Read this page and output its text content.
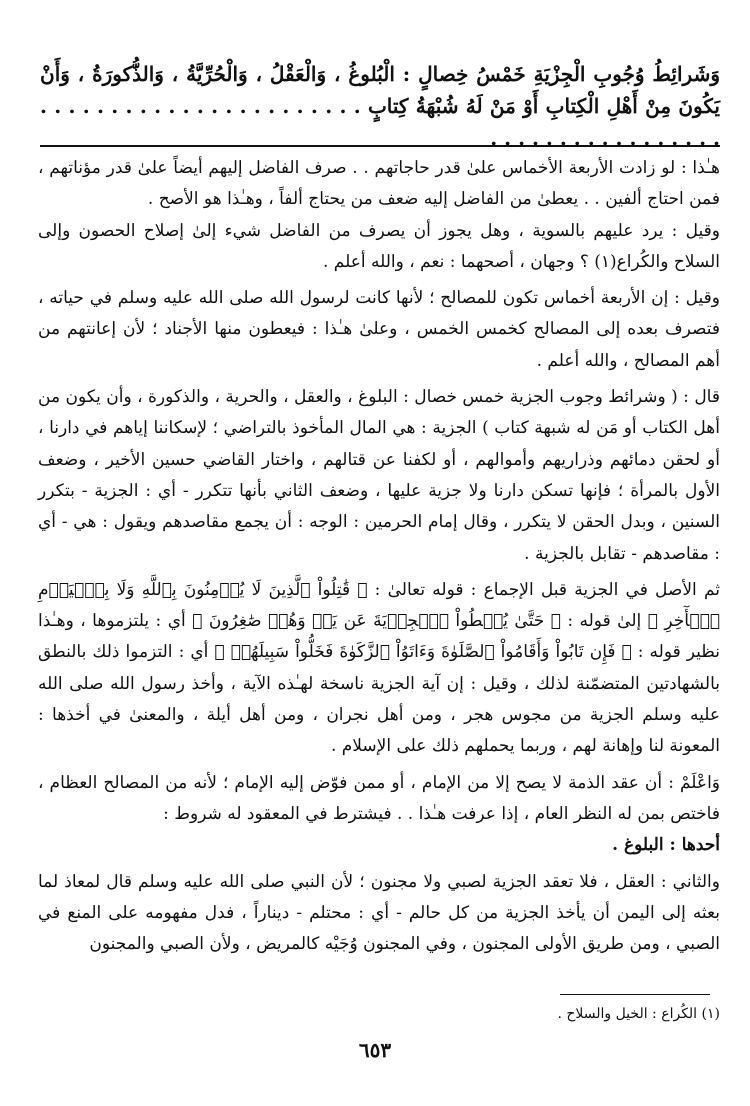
وَشَرائِطُ وُجُوبِ الْجِزْيَةِ خَمْسُ خِصالٍ : الْبُلوغُ ، وَالْعَقْلُ ، وَالْحُرِّيَّةُ ، وَالذُّكورَةُ ، وَأَنْ يَكُونَ مِنْ أَهْلِ الْكِتابِ أَوْ مَنْ لَهُ شُبْهَةُ كِتابٍ . . . . . . . . . . . . . . . . . . . . . . . . . . . . . . . . . . . . . . . .

هـٰذا : لو زادت الأربعة الأخماس علىٰ قدر حاجاتهم . . صرف الفاضل إليهم أيضاً علىٰ قدر مؤناتهم ، فمن احتاج ألفين . . يعطىٰ من الفاضل إليه ضعف من يحتاج ألفاً ، وهـٰذا هو الأصح .

وقيل : يرد عليهم بالسوية ، وهل يجوز أن يصرف من الفاضل شيء إلىٰ إصلاح الحصون وإلى السلاح والكُراع(١) ؟ وجهان ، أصحهما : نعم ، والله أعلم .

وقيل : إن الأربعة أخماس تكون للمصالح ؛ لأنها كانت لرسول الله صلى الله عليه وسلم في حياته ، فتصرف بعده إلى المصالح كخمس الخمس ، وعلىٰ هـٰذا : فيعطون منها الأجناد ؛ لأن إعانتهم من أهم المصالح ، والله أعلم .

قال : ( وشرائط وجوب الجزية خمس خصال : البلوغ ، والعقل ، والحرية ، والذكورة ، وأن يكون من أهل الكتاب أو مَن له شبهة كتاب ) الجزية : هي المال المأخوذ بالتراضي ؛ لإسكاننا إياهم في دارنا ، أو لحقن دمائهم وذراريهم وأموالهم ، أو لكفنا عن قتالهم ، واختار القاضي حسين الأخير ، وضعف الأول بالمرأة ؛ فإنها تسكن دارنا ولا جزية عليها ، وضعف الثاني بأنها تتكرر - أي : الجزية - بتكرر السنين ، وبدل الحقن لا يتكرر ، وقال إمام الحرمين : الوجه : أن يجمع مقاصدهم ويقول : هي - أي : مقاصدهم - تقابل بالجزية .

ثم الأصل في الجزية قبل الإجماع : قوله تعالىٰ : ﴿ قَٰتِلُواْ ٱلَّذِينَ لَا يُؤۡمِنُونَ بِٱللَّهِ وَلَا بِٱلۡيَوۡمِ ٱلۡأٓخِرِ ﴾ إلىٰ قوله : ﴿ حَتَّىٰ يُعۡطُواْ ٱلۡجِزۡيَةَ عَن يَدٖ وَهُمۡ صَٰغِرُونَ ﴾ أي : يلتزموها ، وهـٰذا نظير قوله : ﴿ فَإِن تَابُواْ وَأَقَامُواْ ٱلصَّلَوٰةَ وَءَاتَوُاْ ٱلزَّكَوٰةَ فَخَلُّواْ سَبِيلَهُمۡ ﴾ أي : التزموا ذلك بالنطق بالشهادتين المتضمّنة لذلك ، وقيل : إن آية الجزية ناسخة لهـٰذه الآية ، وأخذ رسول الله صلى الله عليه وسلم الجزية من مجوس هجر ، ومن أهل نجران ، ومن أهل أيلة ، والمعنىٰ في أخذها : المعونة لنا وإهانة لهم ، وربما يحملهم ذلك على الإسلام .

وَاعْلَمْ : أن عقد الذمة لا يصح إلا من الإمام ، أو ممن فوّض إليه الإمام ؛ لأنه من المصالح العظام ، فاختص بمن له النظر العام ، إذا عرفت هـٰذا . . فيشترط في المعقود له شروط :

أحدها : البلوغ .

والثاني : العقل ، فلا تعقد الجزية لصبي ولا مجنون ؛ لأن النبي صلى الله عليه وسلم قال لمعاذ لما بعثه إلى اليمن أن يأخذ الجزية من كل حالم - أي : محتلم - ديناراً ، فدل مفهومه على المنع في الصبي ، ومن طريق الأولى المجنون ، وفي المجنون وُجَيْه كالمريض ، ولأن الصبي والمجنون

(١) الكُراع : الخيل والسلاح .
٦٥٣
